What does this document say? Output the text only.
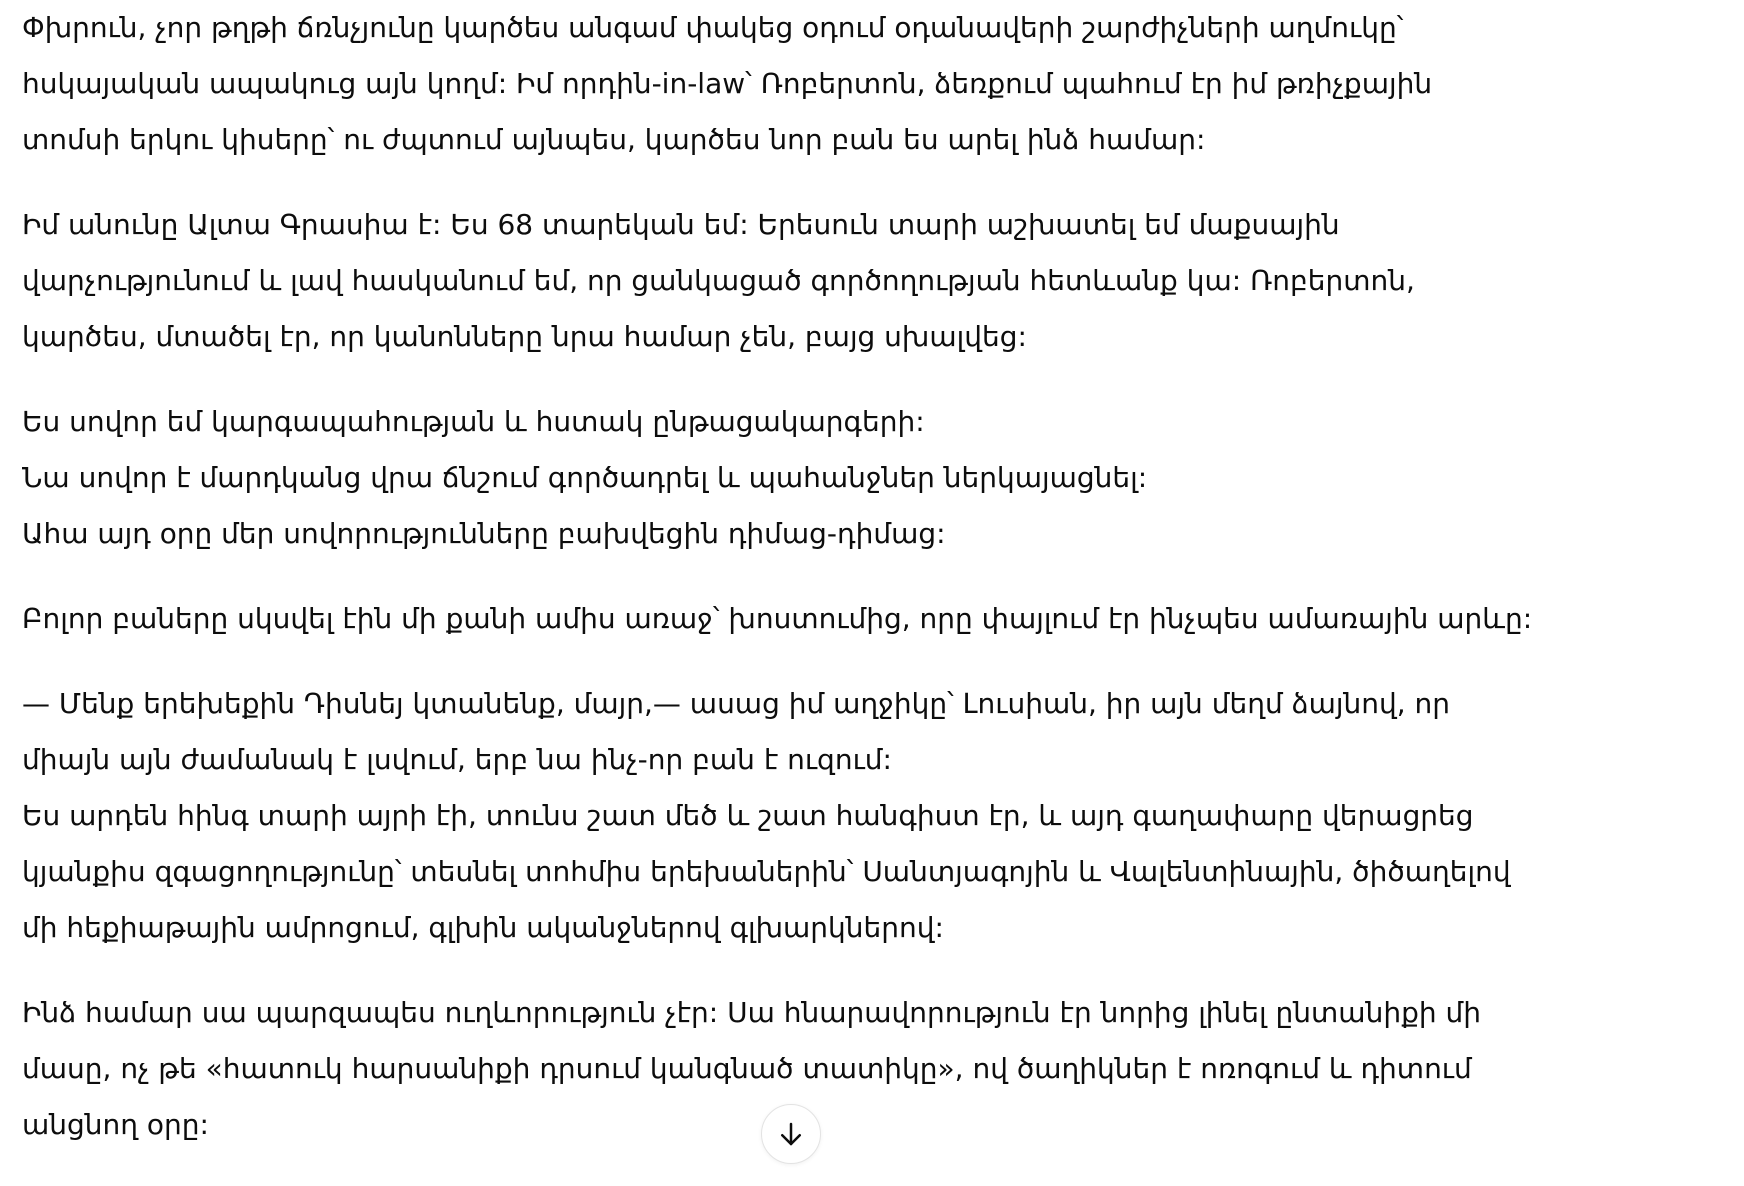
Փխրուն, չոր թղթի ճռնչյունը կարծես անգամ փակեց օդում օդանավերի շարժիչների աղմուկը՝
հսկայական ապակուց այն կողմ: Իմ որդին-in-law՝ Ռոբերտոն, ձեռքում պահում էր իմ թռիչքային
տոմսի երկու կիսերը՝ ու ժպտում այնպես, կարծես նոր բան ես արել ինձ համար:

Իմ անունը Ալտա Գրասիա է: Ես 68 տարեկան եմ: Երեսուն տարի աշխատել եմ մաքսային
վարչությունում և լավ հասկանում եմ, որ ցանկացած գործողության հետևանք կա: Ռոբերտոն,
կարծես, մտածել էր, որ կանոնները նրա համար չեն, բայց սխալվեց:

Ես սովոր եմ կարգապահության և հստակ ընթացակարգերի:
Նա սովոր է մարդկանց վրա ճնշում գործադրել և պահանջներ ներկայացնել:
Ահա այդ օրը մեր սովորությունները բախվեցին դիմաց-դիմաց:

Բոլոր բաները սկսվել էին մի քանի ամիս առաջ՝ խոստումից, որը փայլում էր ինչպես ամառային արևը:

— Մենք երեխեքին Դիսնեյ կտանենք, մայր,— ասաց իմ աղջիկը՝ Լուսիան, իր այն մեղմ ձայնով, որ
միայն այն ժամանակ է լսվում, երբ նա ինչ-որ բան է ուզում:
Ես արդեն հինգ տարի այրի էի, տունս շատ մեծ և շատ հանգիստ էր, և այդ գաղափարը վերացրեց
կյանքիս զգացողությունը՝ տեսնել տոհմիս երեխաներին՝ Սանտյագոյին և Վալենտինային, ծիծաղելով
մի հեքիաթային ամրոցում, գլխին ականջներով գլխարկներով:

Ինձ համար սա պարզապես ուղևորություն չէր: Սա հնարավորություն էր նորից լինել ընտանիքի մի
մասը, ոչ թե «հատուկ հարսանիքի դրսում կանգնած տատիկը», ով ծաղիկներ է ոռոգում և դիտում
անցնող օրը:
